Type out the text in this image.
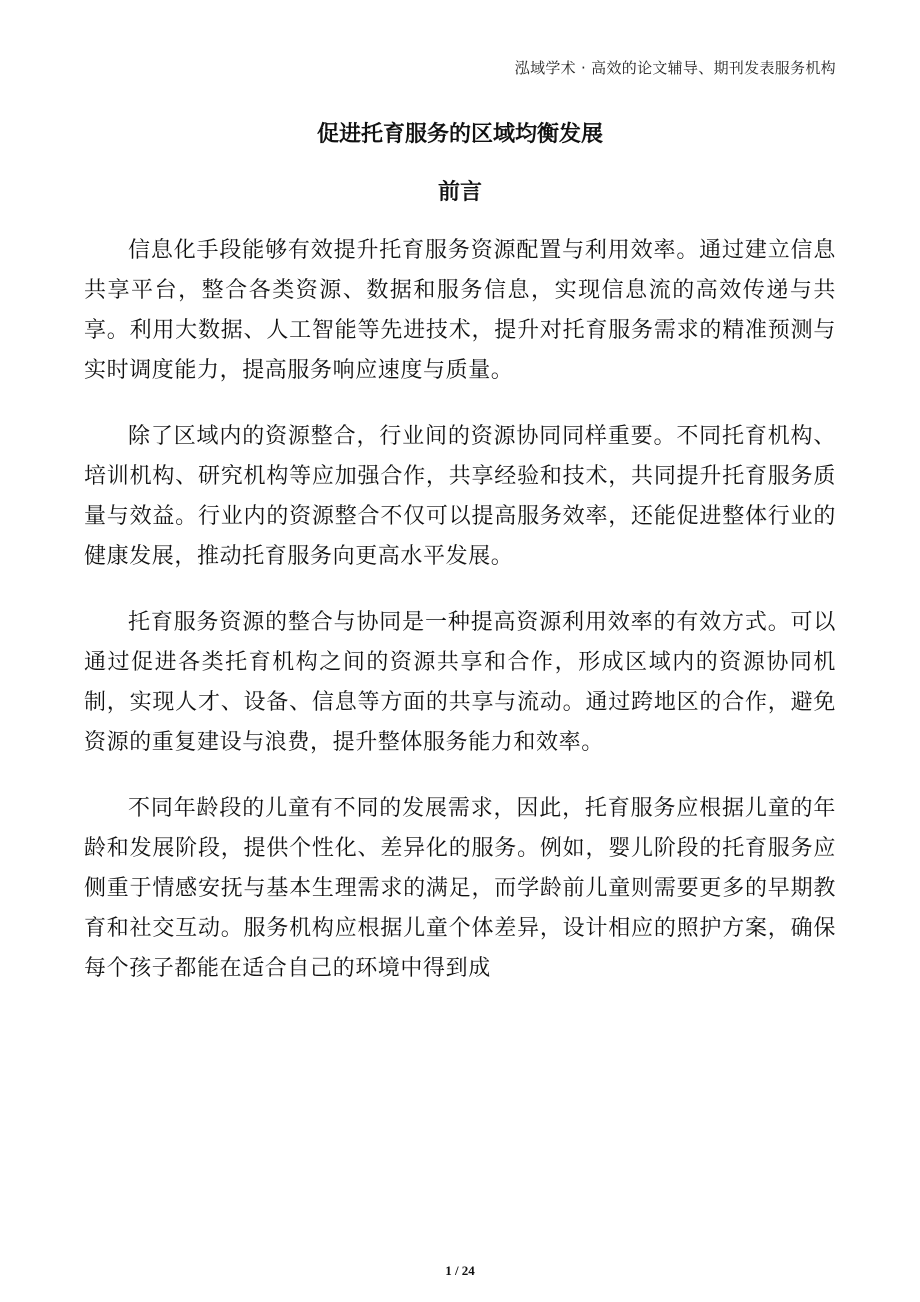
泓域学术 · 高效的论文辅导、期刊发表服务机构
促进托育服务的区域均衡发展
前言

信息化手段能够有效提升托育服务资源配置与利用效率。通过建立信息共享平台，整合各类资源、数据和服务信息，实现信息流的高效传递与共享。利用大数据、人工智能等先进技术，提升对托育服务需求的精准预测与实时调度能力，提高服务响应速度与质量。

除了区域内的资源整合，行业间的资源协同同样重要。不同托育机构、培训机构、研究机构等应加强合作，共享经验和技术，共同提升托育服务质量与效益。行业内的资源整合不仅可以提高服务效率，还能促进整体行业的健康发展，推动托育服务向更高水平发展。

托育服务资源的整合与协同是一种提高资源利用效率的有效方式。可以通过促进各类托育机构之间的资源共享和合作，形成区域内的资源协同机制，实现人才、设备、信息等方面的共享与流动。通过跨地区的合作，避免资源的重复建设与浪费，提升整体服务能力和效率。

不同年龄段的儿童有不同的发展需求，因此，托育服务应根据儿童的年龄和发展阶段，提供个性化、差异化的服务。例如，婴儿阶段的托育服务应侧重于情感安抚与基本生理需求的满足，而学龄前儿童则需要更多的早期教育和社交互动。服务机构应根据儿童个体差异，设计相应的照护方案，确保每个孩子都能在适合自己的环境中得到成

1 / 24
